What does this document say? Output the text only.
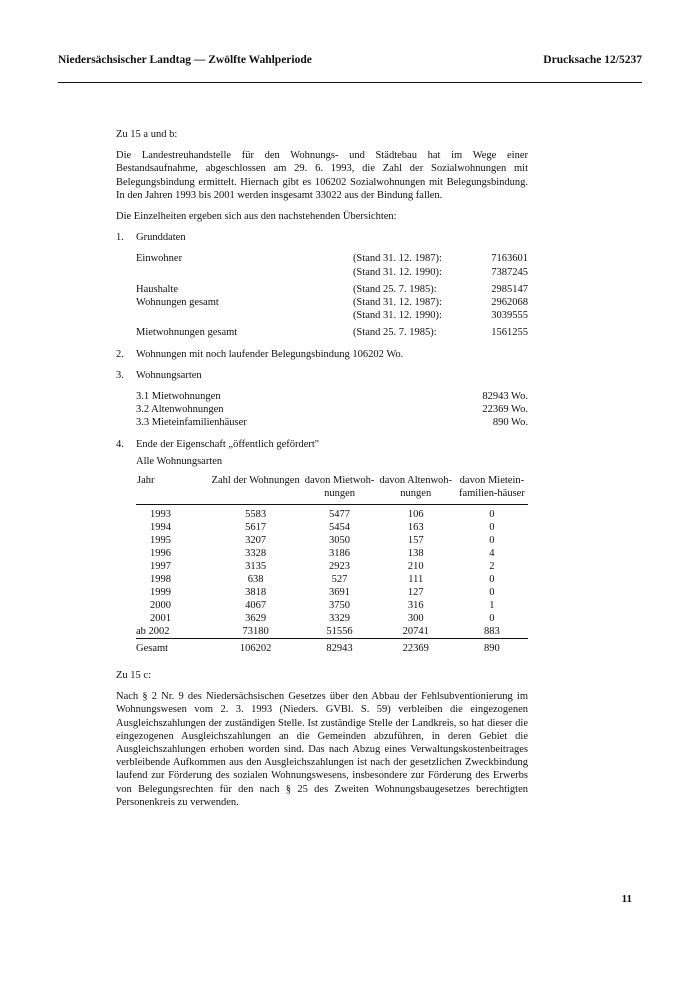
Niedersächsischer Landtag — Zwölfte Wahlperiode	Drucksache 12/5237

Zu 15 a und b:

Die Landestreuhandstelle für den Wohnungs- und Städtebau hat im Wege einer Bestandsaufnahme, abgeschlossen am 29. 6. 1993, die Zahl der Sozialwohnungen mit Belegungsbindung ermittelt. Hiernach gibt es 106202 Sozialwohnungen mit Belegungsbindung. In den Jahren 1993 bis 2001 werden insgesamt 33022 aus der Bindung fallen.

Die Einzelheiten ergeben sich aus den nachstehenden Übersichten:

1.	Grunddaten
Einwohner	(Stand 31. 12. 1987):	7163601
(Stand 31. 12. 1990):	7387245
Haushalte	(Stand 25. 7. 1985):	2985147
Wohnungen gesamt	(Stand 31. 12. 1987):	2962068
(Stand 31. 12. 1990):	3039555
Mietwohnungen gesamt	(Stand 25. 7. 1985):	1561255
2.	Wohnungen mit noch laufender Belegungsbindung 106202 Wo.
3.	Wohnungsarten
3.1 Mietwohnungen	82943 Wo.
3.2 Altenwohnungen	22369 Wo.
3.3 Mieteinfamilienhäuser	890 Wo.
4.	Ende der Eigenschaft „öffentlich gefördert"

Alle Wohnungsarten

Jahr	Zahl der Wohnungen	davon Mietwoh-nungen	davon Altenwoh-nungen	davon Mietein-familien-häuser
1993	5583	5477	106	0
1994	5617	5454	163	0
1995	3207	3050	157	0
1996	3328	3186	138	4
1997	3135	2923	210	2
1998	638	527	111	0
1999	3818	3691	127	0
2000	4067	3750	316	1
2001	3629	3329	300	0
ab 2002	73180	51556	20741	883
Gesamt	106202	82943	22369	890

Zu 15 c:

Nach § 2 Nr. 9 des Niedersächsischen Gesetzes über den Abbau der Fehlsubventionierung im Wohnungswesen vom 2. 3. 1993 (Nieders. GVBl. S. 59) verbleiben die eingezogenen Ausgleichszahlungen der zuständigen Stelle. Ist zuständige Stelle der Landkreis, so hat dieser die eingezogenen Ausgleichszahlungen an die Gemeinden abzuführen, in deren Gebiet die Ausgleichszahlungen erhoben worden sind. Das nach Abzug eines Verwaltungskostenbeitrages verbleibende Aufkommen aus den Ausgleichszahlungen ist nach der gesetzlichen Zweckbindung laufend zur Förderung des sozialen Wohnungswesens, insbesondere zur Förderung des Erwerbs von Belegungsrechten für den nach § 25 des Zweiten Wohnungsbaugesetzes berechtigten Personenkreis zu verwenden.

11
